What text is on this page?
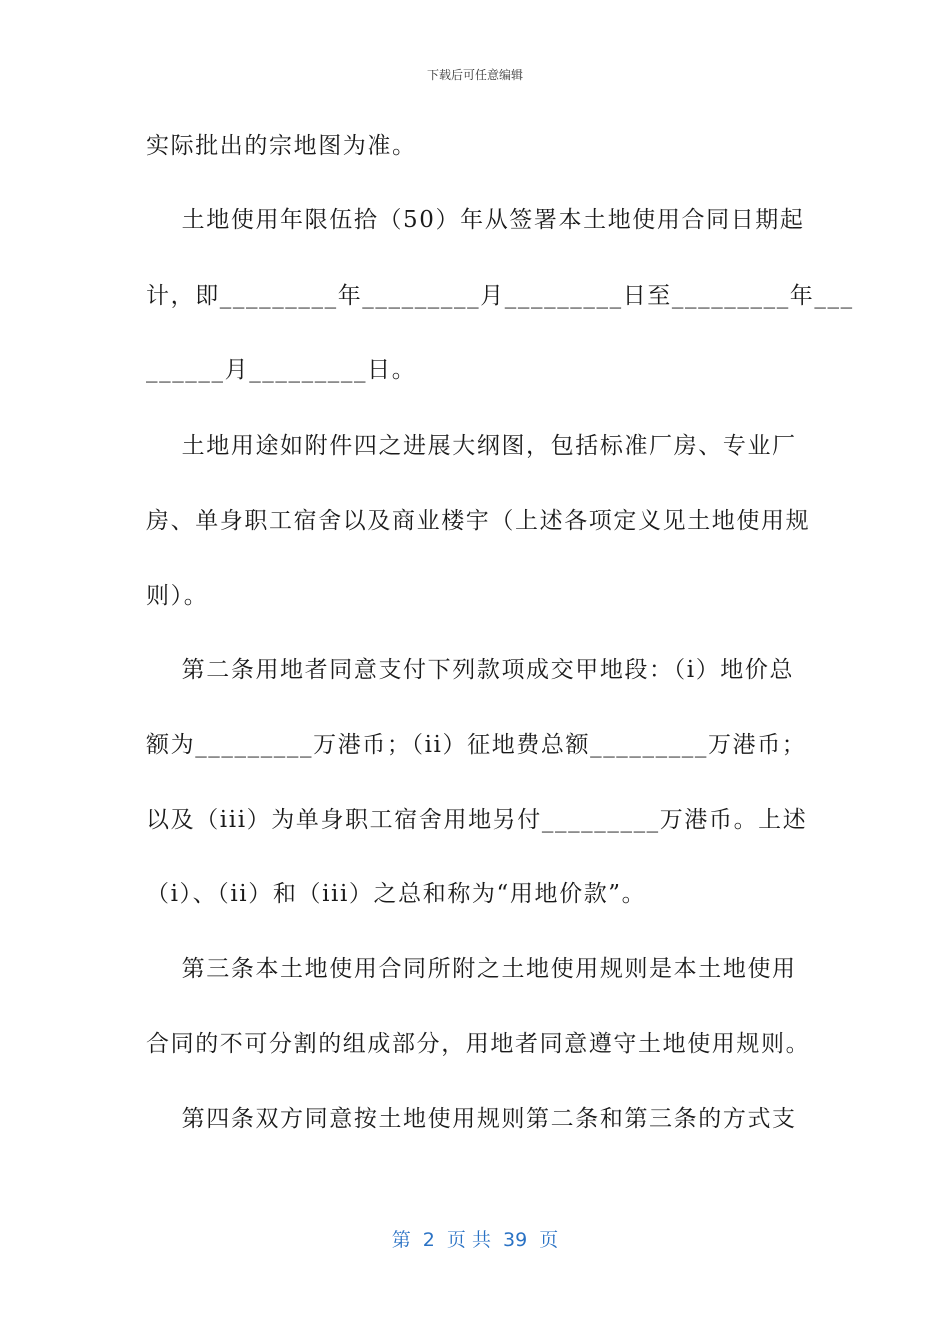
下载后可任意编辑
实际批出的宗地图为准。
土地使用年限伍拾（50）年从签署本土地使用合同日期起
计，即_________年_________月_________日至_________年___
______月_________日。
土地用途如附件四之进展大纲图，包括标准厂房、专业厂
房、单身职工宿舍以及商业楼宇（上述各项定义见土地使用规
则）。
第二条用地者同意支付下列款项成交甲地段：（i）地价总
额为_________万港币；（ii）征地费总额_________万港币；
以及（iii）为单身职工宿舍用地另付_________万港币。上述
（i）、（ii）和（iii）之总和称为“用地价款”。
第三条本土地使用合同所附之土地使用规则是本土地使用
合同的不可分割的组成部分，用地者同意遵守土地使用规则。
第四条双方同意按土地使用规则第二条和第三条的方式支
第  2  页 共  39  页
